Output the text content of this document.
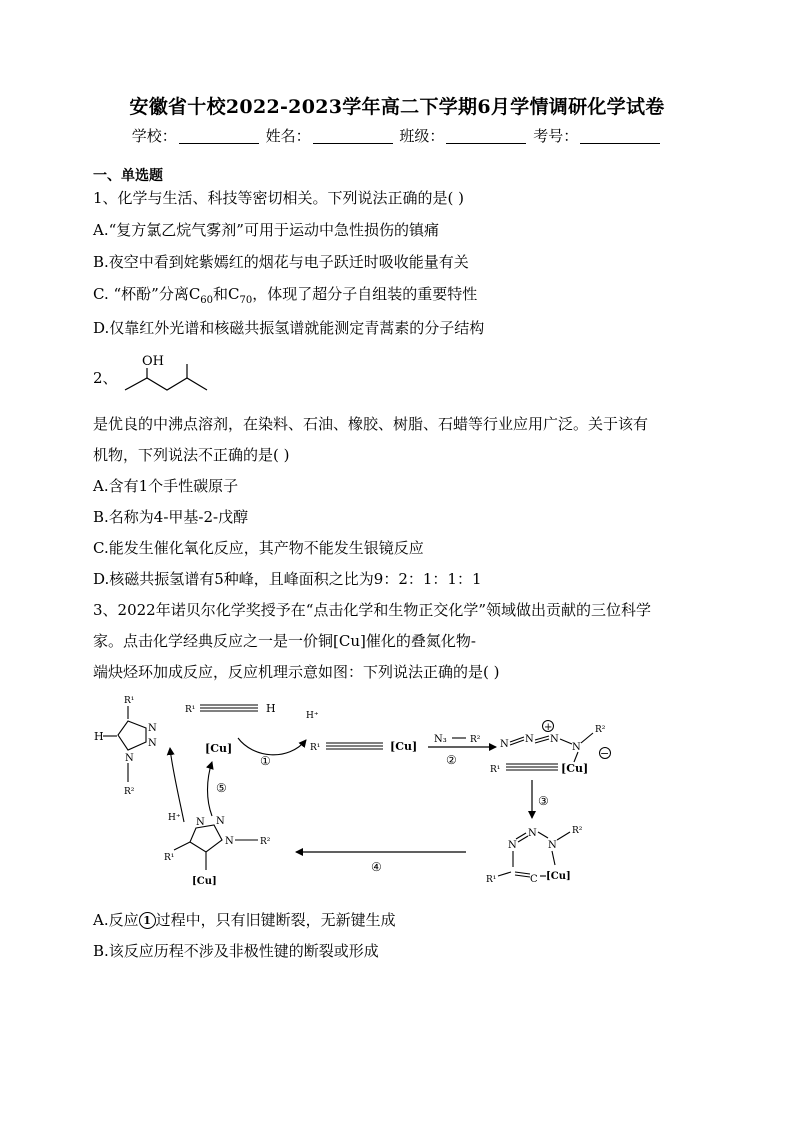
安徽省十校2022-2023学年高二下学期6月学情调研化学试卷
学校：	姓名：	班级：	考号：
一、单选题
1、化学与生活、科技等密切相关。下列说法正确的是( )
A.“复方氯乙烷气雾剂”可用于运动中急性损伤的镇痛
B.夜空中看到姹紫嫣红的烟花与电子跃迁时吸收能量有关
C. “杯酚”分离$C_{60}$和$C_{70}$，体现了超分子自组装的重要特性
D.仅靠红外光谱和核磁共振氢谱就能测定青蒿素的分子结构
2、
OH
是优良的中沸点溶剂，在染料、石油、橡胶、树脂、石蜡等行业应用广泛。关于该有
机物，下列说法不正确的是( )
A.含有1个手性碳原子
B.名称为4-甲基-2-戊醇
C.能发生催化氧化反应，其产物不能发生银镜反应
D.核磁共振氢谱有5种峰，且峰面积之比为9：2：1：1：1
3、2022年诺贝尔化学奖授予在“点击化学和生物正交化学”领域做出贡献的三位科学
家。点击化学经典反应之一是一价铜[Cu]催化的叠氮化物-
端炔烃环加成反应，反应机理示意如图：下列说法正确的是( )
R¹
N
N
N
H
R²
R¹	H
[Cu]
H⁺
①
R¹	[Cu]
N₃	R²
②
N N
+
N
N
R²
−
R¹	[Cu]
③
N
N
N
R²
[Cu]
C
R¹
④
N N
N	R²
R¹
[Cu]
H⁺
⑤
A.反应 1 过程中，只有旧键断裂，无新键生成
B.该反应历程不涉及非极性键的断裂或形成
